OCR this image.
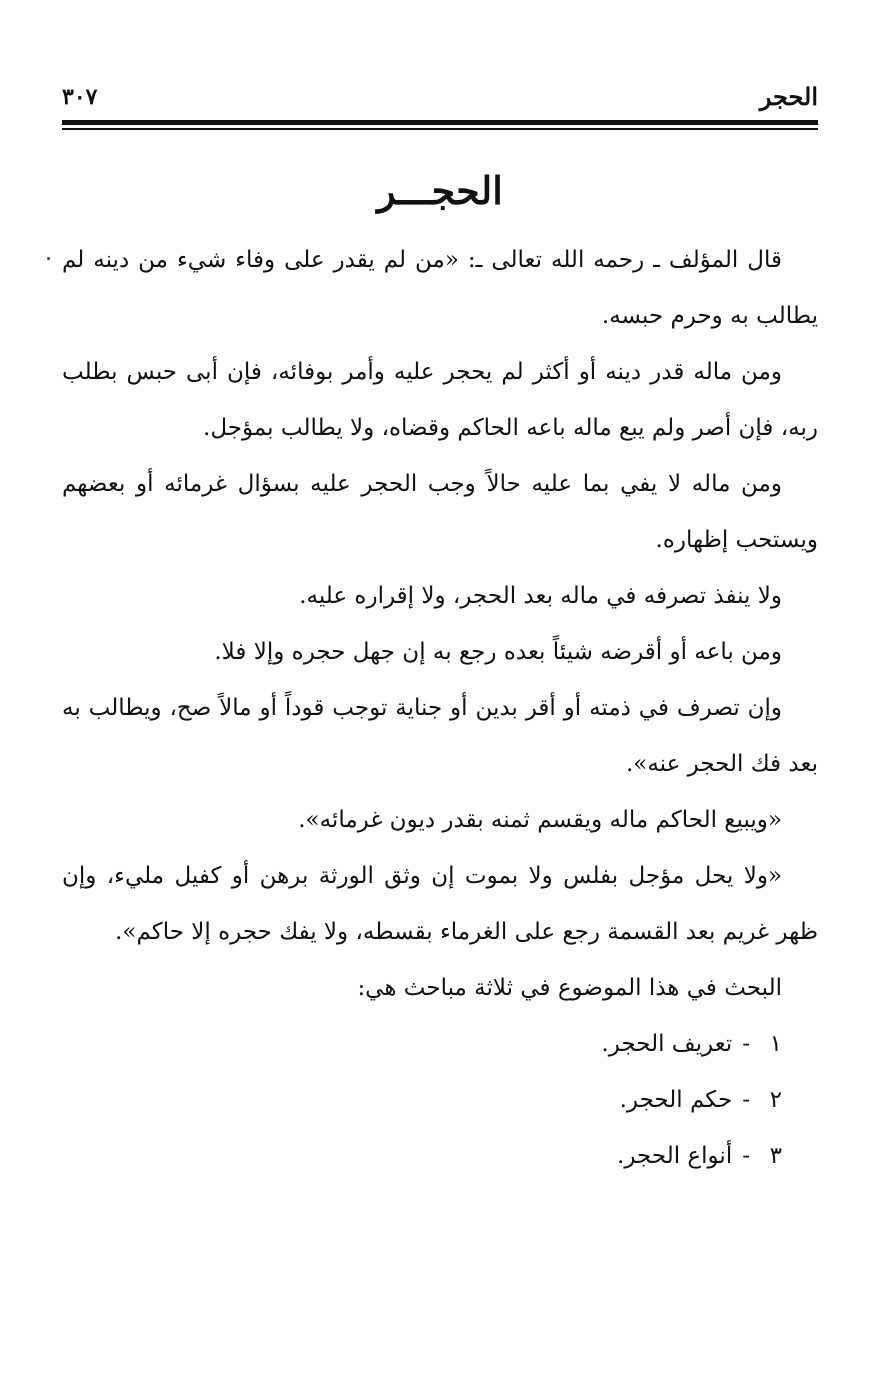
الحجر
٣٠٧
الحجـــر

قال المؤلف ـ رحمه الله تعالى ـ: «من لم يقدر على وفاء شيء من دينه لم يطالب به وحرم حبسه.

ومن ماله قدر دينه أو أكثر لم يحجر عليه وأمر بوفائه، فإن أبى حبس بطلب ربه، فإن أصر ولم يبع ماله باعه الحاكم وقضاه، ولا يطالب بمؤجل.

ومن ماله لا يفي بما عليه حالاً وجب الحجر عليه بسؤال غرمائه أو بعضهم ويستحب إظهاره.

ولا ينفذ تصرفه في ماله بعد الحجر، ولا إقراره عليه.

ومن باعه أو أقرضه شيئاً بعده رجع به إن جهل حجره وإلا فلا.

وإن تصرف في ذمته أو أقر بدين أو جناية توجب قوداً أو مالاً صح، ويطالب به بعد فك الحجر عنه».

«ويبيع الحاكم ماله ويقسم ثمنه بقدر ديون غرمائه».

«ولا يحل مؤجل بفلس ولا بموت إن وثق الورثة برهن أو كفيل مليء، وإن ظهر غريم بعد القسمة رجع على الغرماء بقسطه، ولا يفك حجره إلا حاكم».

البحث في هذا الموضوع في ثلاثة مباحث هي:

١-تعريف الحجر.
٢-حكم الحجر.
٣-أنواع الحجر.
